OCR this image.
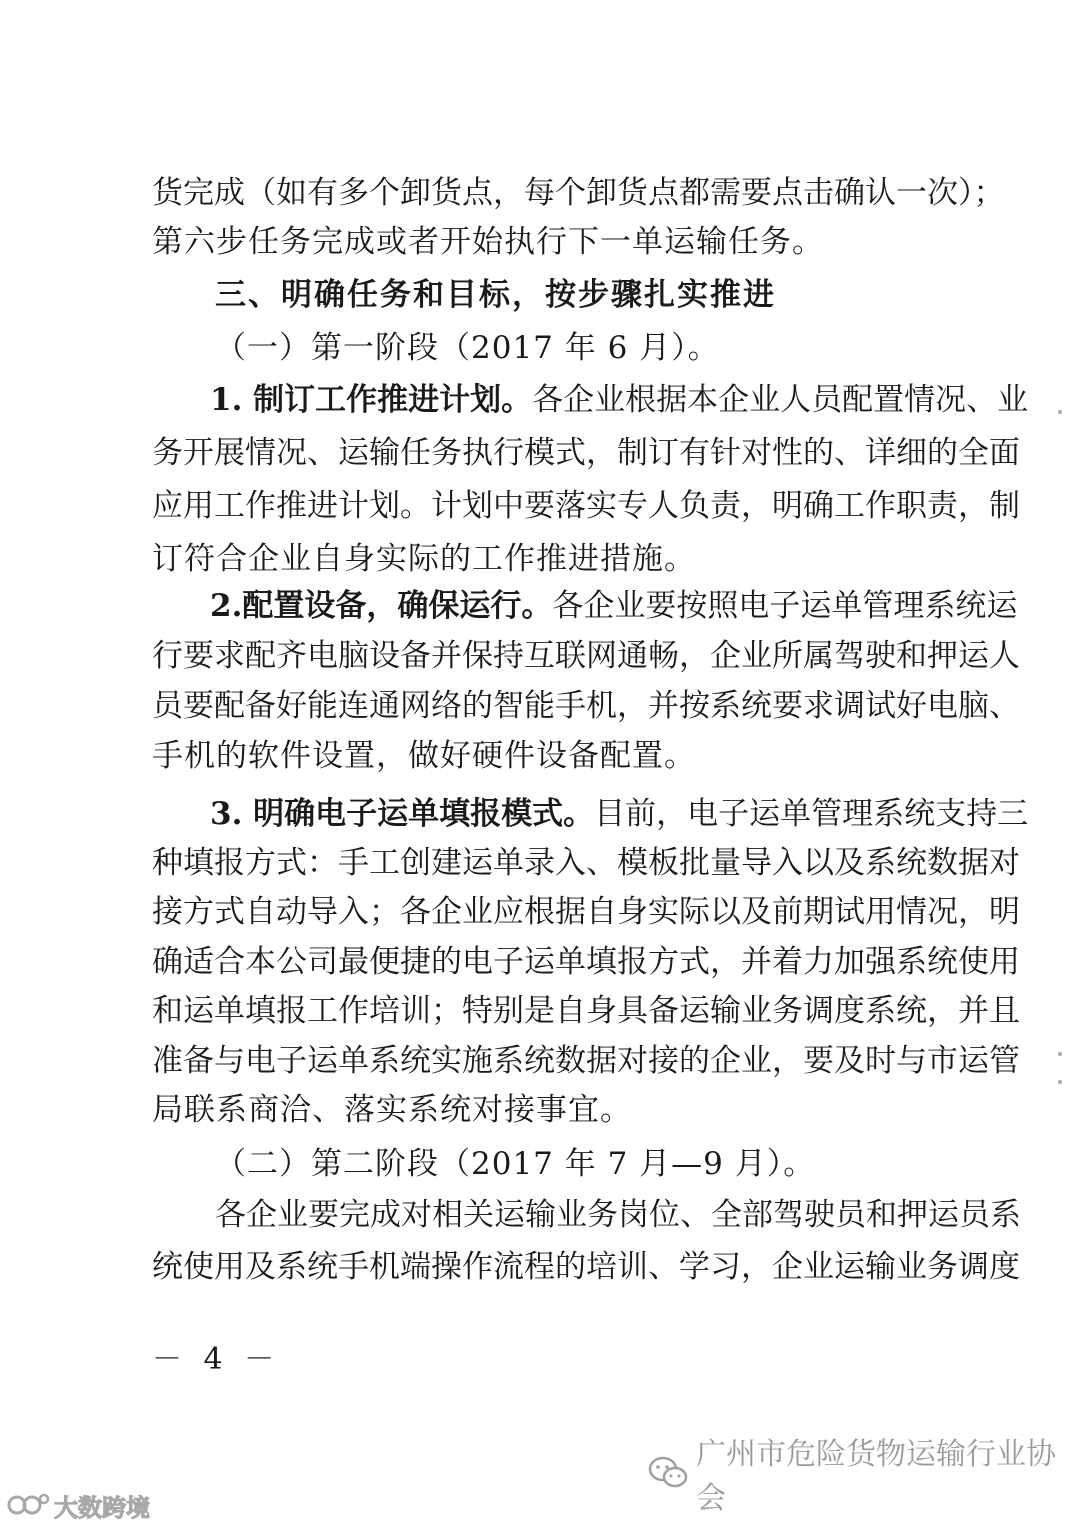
货完成（如有多个卸货点，每个卸货点都需要点击确认一次）；
第六步任务完成或者开始执行下一单运输任务。
三、明确任务和目标，按步骤扎实推进
（一）第一阶段（2017 年 6 月）。
1. 制订工作推进计划。各企业根据本企业人员配置情况、业
务开展情况、运输任务执行模式，制订有针对性的、详细的全面
应用工作推进计划。计划中要落实专人负责，明确工作职责，制
订符合企业自身实际的工作推进措施。
2.配置设备，确保运行。各企业要按照电子运单管理系统运
行要求配齐电脑设备并保持互联网通畅，企业所属驾驶和押运人
员要配备好能连通网络的智能手机，并按系统要求调试好电脑、
手机的软件设置，做好硬件设备配置。
3. 明确电子运单填报模式。目前，电子运单管理系统支持三
种填报方式：手工创建运单录入、模板批量导入以及系统数据对
接方式自动导入；各企业应根据自身实际以及前期试用情况，明
确适合本公司最便捷的电子运单填报方式，并着力加强系统使用
和运单填报工作培训；特别是自身具备运输业务调度系统，并且
准备与电子运单系统实施系统数据对接的企业，要及时与市运管
局联系商洽、落实系统对接事宜。
（二）第二阶段（2017 年 7 月—9 月）。
各企业要完成对相关运输业务岗位、全部驾驶员和押运员系
统使用及系统手机端操作流程的培训、学习，企业运输业务调度
－ 4 －
广州市危险货物运输行业协会
大数跨境
